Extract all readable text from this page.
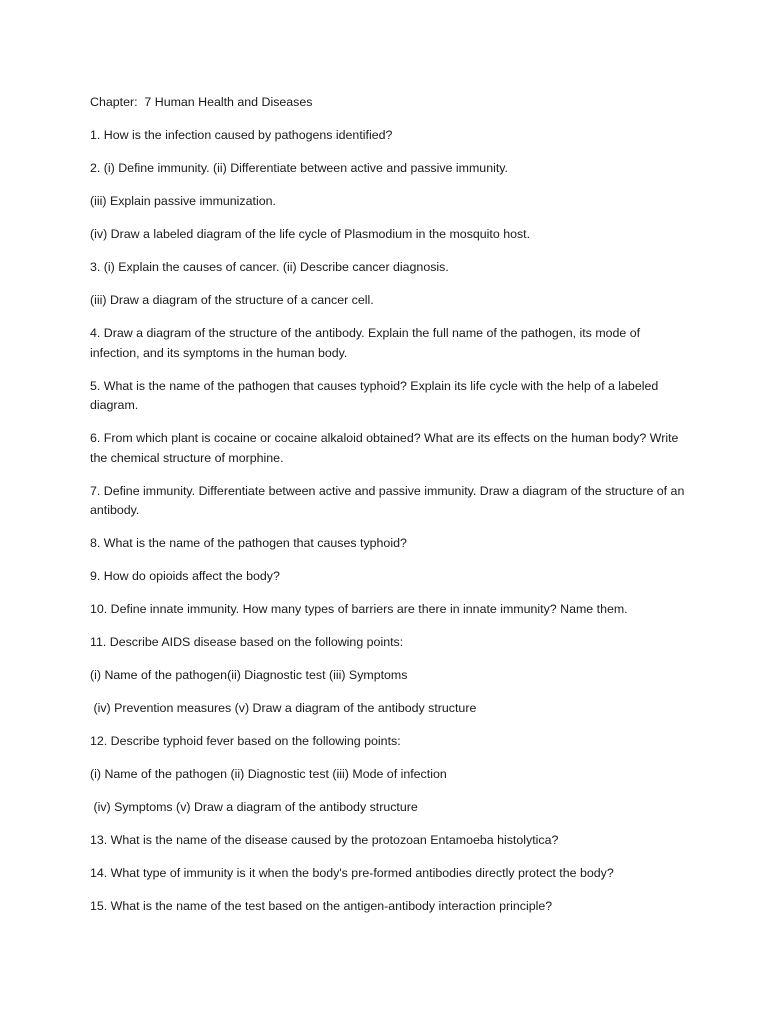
Chapter:  7 Human Health and Diseases
1. How is the infection caused by pathogens identified?
2. (i) Define immunity. (ii) Differentiate between active and passive immunity.
(iii) Explain passive immunization.
(iv) Draw a labeled diagram of the life cycle of Plasmodium in the mosquito host.
3. (i) Explain the causes of cancer. (ii) Describe cancer diagnosis.
(iii) Draw a diagram of the structure of a cancer cell.
4. Draw a diagram of the structure of the antibody. Explain the full name of the pathogen, its mode of infection, and its symptoms in the human body.
5. What is the name of the pathogen that causes typhoid? Explain its life cycle with the help of a labeled diagram.
6. From which plant is cocaine or cocaine alkaloid obtained? What are its effects on the human body? Write the chemical structure of morphine.
7. Define immunity. Differentiate between active and passive immunity. Draw a diagram of the structure of an antibody.
8. What is the name of the pathogen that causes typhoid?
9. How do opioids affect the body?
10. Define innate immunity. How many types of barriers are there in innate immunity? Name them.
11. Describe AIDS disease based on the following points:
(i) Name of the pathogen(ii) Diagnostic test (iii) Symptoms
(iv) Prevention measures (v) Draw a diagram of the antibody structure
12. Describe typhoid fever based on the following points:
(i) Name of the pathogen (ii) Diagnostic test (iii) Mode of infection
(iv) Symptoms (v) Draw a diagram of the antibody structure
13. What is the name of the disease caused by the protozoan Entamoeba histolytica?
14. What type of immunity is it when the body's pre-formed antibodies directly protect the body?
15. What is the name of the test based on the antigen-antibody interaction principle?
